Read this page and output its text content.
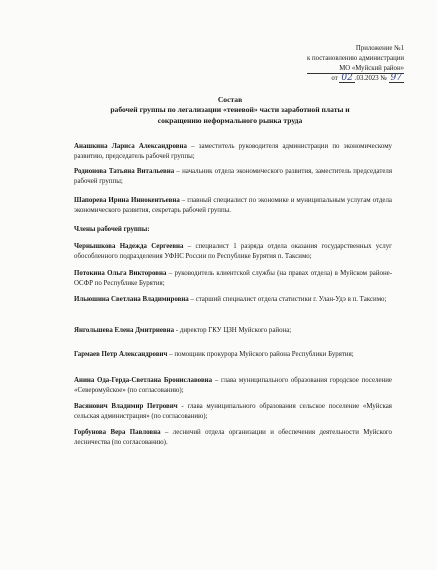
Приложение №1
к постановлению администрации
МО «Муйский район»
от 02 .03.2023 № 97
Состав
рабочей группы по легализации «теневой» части заработной платы и
сокращению неформального рынка труда
Анашкина Лариса Александровна – заместитель руководителя администрации по экономическому развитию, председатель рабочей группы;
Родионова Татьяна Витальевна – начальник отдела экономического развития, заместитель председателя рабочей группы;
Шапорева Ирина Иннокентьевна – главный специалист по экономике и муниципальным услугам отдела экономического развития, секретарь рабочей группы.
Члены рабочей группы:
Чернышкова Надежда Сергеевна – специалист 1 разряда отдела оказания государственных услуг обособленного подразделения УФНС России по Республике Бурятия п. Таксимо;
Потокина Ольга Викторовна – руководитель клиентской службы (на правах отдела) в Муйском районе- ОСФР по Республике Бурятия;
Ильюшина Светлана Владимировна – старший специалист отдела статистики г. Улан-Удэ в п. Таксимо;
Янгольшева Елена Дмитриевна - директор ГКУ ЦЗН Муйского района;
Гармаев Петр Александрович – помощник прокурора Муйского района Республики Бурятия;
Анина Ода-Герда-Светлана Брониславовна – глава муниципального образования городское поселение «Северомуйское» (по согласованию);
Васянович Владимир Петрович - глава муниципального образования сельское поселение «Муйская сельская администрация» (по согласованию);
Горбунова Вера Павловна – лесничий отдела организации и обеспечения деятельности Муйского лесничества (по согласованию).
